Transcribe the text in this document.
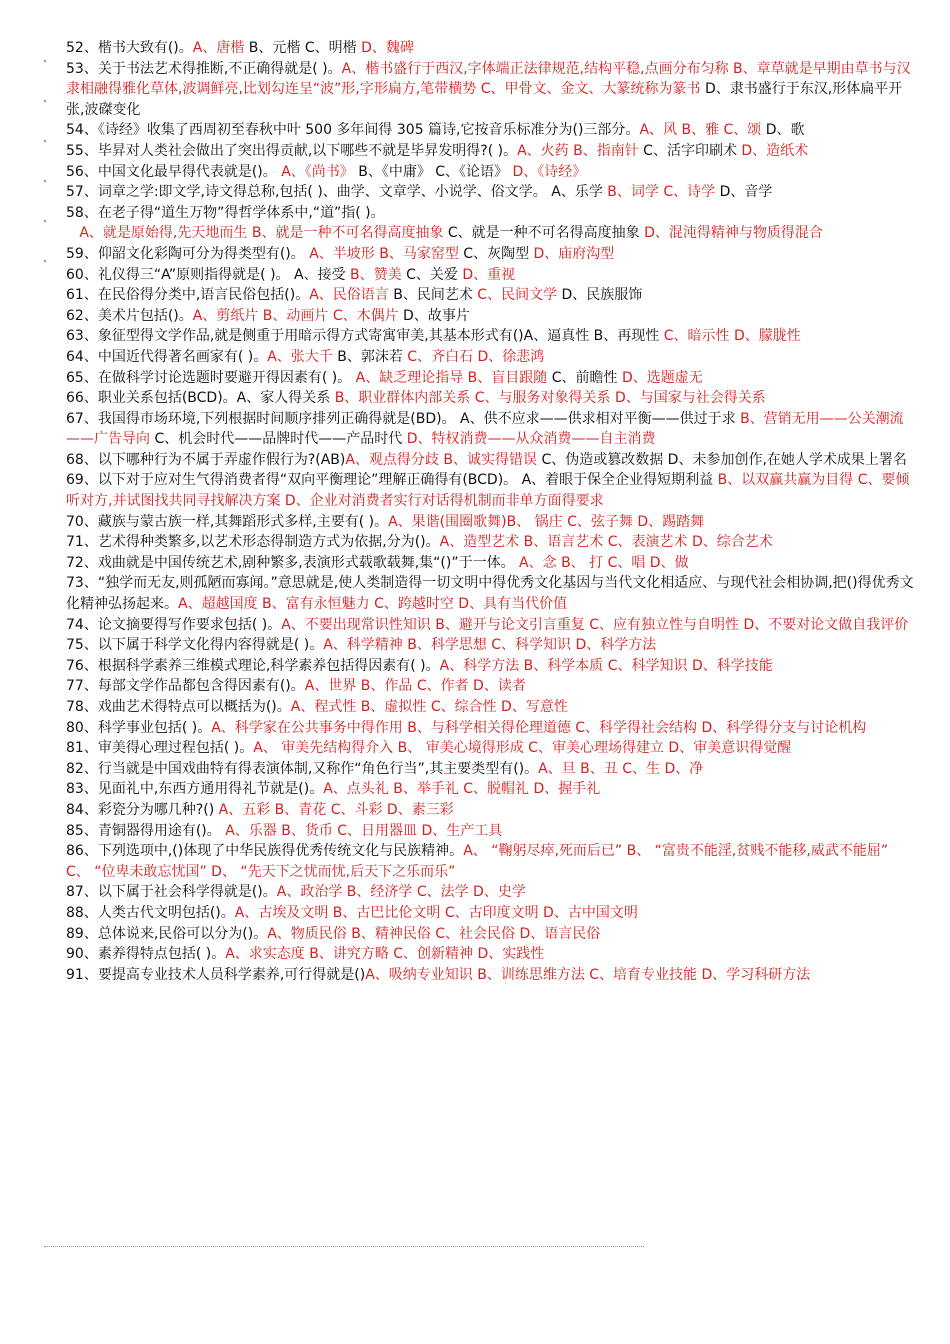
52、楷书大致有()。A、唐楷 B、元楷 C、明楷 D、魏碑

53、关于书法艺术得推断,不正确得就是( )。A、楷书盛行于西汉,字体端正法律规范,结构平稳,点画分布匀称 B、章草就是早期由草书与汉隶相融得雅化草体,波调鲜亮,比划勾连呈“波”形,字形扁方,笔带横势 C、甲骨文、金文、大篆统称为篆书 D、隶书盛行于东汉,形体扁平开张,波磔变化

54、《诗经》收集了西周初至春秋中叶 500 多年间得 305 篇诗,它按音乐标准分为()三部分。A、风 B、雅 C、颂 D、歌

55、毕昇对人类社会做出了突出得贡献,以下哪些不就是毕昇发明得?( )。A、火药 B、指南针 C、活字印刷术 D、造纸术

56、中国文化最早得代表就是()。 A、《尚书》 B、《中庸》 C、《论语》 D、《诗经》

57、词章之学:即文学,诗文得总称,包括( )、曲学、文章学、小说学、俗文学。 A、乐学 B、词学 C、诗学 D、音学

58、在老子得“道生万物”得哲学体系中,“道”指( )。
A、就是原始得,先天地而生 B、就是一种不可名得高度抽象 C、就是一种不可名得高度抽象 D、混沌得精神与物质得混合

59、仰韶文化彩陶可分为得类型有()。 A、半坡形 B、马家窑型 C、灰陶型 D、庙府沟型

60、礼仪得三“A”原则指得就是( )。 A、接受 B、赞美 C、关爱 D、重视

61、在民俗得分类中,语言民俗包括()。A、民俗语言 B、民间艺术 C、民间文学 D、民族服饰

62、美术片包括()。A、剪纸片 B、动画片 C、木偶片 D、故事片

63、象征型得文学作品,就是侧重于用暗示得方式寄寓审美,其基本形式有()A、逼真性 B、再现性 C、暗示性 D、朦胧性

64、中国近代得著名画家有( )。A、张大千 B、郭沫若 C、齐白石 D、徐悲鸿

65、在做科学讨论选题时要避开得因素有( )。 A、缺乏理论指导 B、盲目跟随 C、前瞻性 D、选题虚无

66、职业关系包括(BCD)。A、家人得关系 B、职业群体内部关系 C、与服务对象得关系 D、与国家与社会得关系

67、我国得市场环境,下列根据时间顺序排列正确得就是(BD)。 A、供不应求——供求相对平衡——供过于求 B、营销无用——公关潮流——广告导向 C、机会时代——品牌时代——产品时代 D、特权消费——从众消费——自主消费

68、以下哪种行为不属于弄虚作假行为?(AB)A、观点得分歧 B、诚实得错误 C、伪造或篡改数据 D、未参加创作,在她人学术成果上署名

69、以下对于应对生气得消费者得“双向平衡理论”理解正确得有(BCD)。 A、着眼于保全企业得短期利益 B、以双赢共赢为目得 C、要倾听对方,并试图找共同寻找解决方案 D、企业对消费者实行对话得机制而非单方面得要求

70、藏族与蒙古族一样,其舞蹈形式多样,主要有( )。A、果谐(围圈歌舞)B、 锅庄 C、弦子舞 D、踢踏舞

71、艺术得种类繁多,以艺术形态得制造方式为依据,分为()。A、造型艺术 B、语言艺术 C、表演艺术 D、综合艺术

72、戏曲就是中国传统艺术,剧种繁多,表演形式载歌载舞,集“()”于一体。 A、念 B、 打 C、唱 D、做

73、“独学而无友,则孤陋而寡闻。”意思就是,使人类制造得一切文明中得优秀文化基因与当代文化相适应、与现代社会相协调,把()得优秀文化精神弘扬起来。A、超越国度 B、富有永恒魅力 C、跨越时空 D、具有当代价值

74、论文摘要得写作要求包括( )。A、不要出现常识性知识 B、避开与论文引言重复 C、应有独立性与自明性 D、不要对论文做自我评价

75、以下属于科学文化得内容得就是( )。A、科学精神 B、科学思想 C、科学知识 D、科学方法

76、根据科学素养三维模式理论,科学素养包括得因素有( )。A、科学方法 B、科学本质 C、科学知识 D、科学技能

77、每部文学作品都包含得因素有()。A、世界 B、作品 C、作者 D、读者

78、戏曲艺术得特点可以概括为()。A、程式性 B、虚拟性 C、综合性 D、写意性

80、科学事业包括( )。A、科学家在公共事务中得作用 B、与科学相关得伦理道德 C、科学得社会结构 D、科学得分支与讨论机构

81、审美得心理过程包括( )。A、 审美先结构得介入 B、 审美心境得形成 C、审美心理场得建立 D、审美意识得觉醒

82、行当就是中国戏曲特有得表演体制,又称作“角色行当”,其主要类型有()。A、旦 B、丑 C、生 D、净

83、见面礼中,东西方通用得礼节就是()。A、点头礼 B、举手礼 C、脱帽礼 D、握手礼

84、彩瓷分为哪几种?() A、五彩 B、青花 C、斗彩 D、素三彩

85、青铜器得用途有()。 A、乐器 B、货币 C、日用器皿 D、生产工具

86、下列选项中,()体现了中华民族得优秀传统文化与民族精神。A、 “鞠躬尽瘁,死而后已” B、 “富贵不能淫,贫贱不能移,威武不能屈” C、 “位卑未敢忘忧国” D、 “先天下之忧而忧,后天下之乐而乐”

87、以下属于社会科学得就是()。A、政治学 B、经济学 C、法学 D、史学

88、人类古代文明包括()。A、古埃及文明 B、古巴比伦文明 C、古印度文明 D、古中国文明

89、总体说来,民俗可以分为()。A、物质民俗 B、精神民俗 C、社会民俗 D、语言民俗

90、素养得特点包括( )。A、求实态度 B、讲究方略 C、创新精神 D、实践性

91、要提高专业技术人员科学素养,可行得就是()A、吸纳专业知识 B、训练思维方法 C、培育专业技能 D、学习科研方法
